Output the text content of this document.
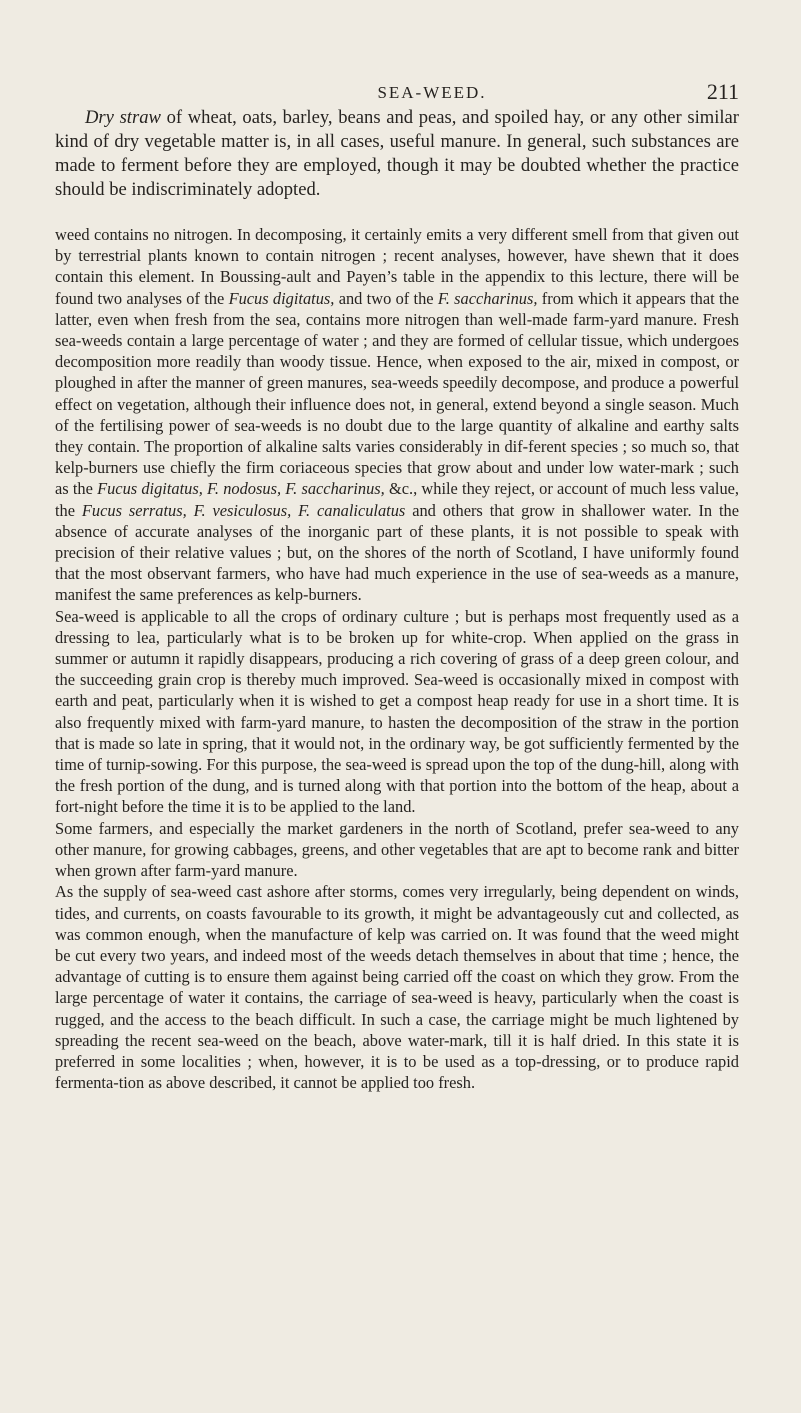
SEA-WEED.	211

Dry straw of wheat, oats, barley, beans and peas, and spoiled hay, or any other similar kind of dry vegetable matter is, in all cases, useful manure. In general, such substances are made to ferment before they are employed, though it may be doubted whether the practice should be indiscriminately adopted.

weed contains no nitrogen. In decomposing, it certainly emits a very different smell from that given out by terrestrial plants known to contain nitrogen ; recent analyses, however, have shewn that it does contain this element. In Boussing-ault and Payen’s table in the appendix to this lecture, there will be found two analyses of the Fucus digitatus, and two of the F. saccharinus, from which it appears that the latter, even when fresh from the sea, contains more nitrogen than well-made farm-yard manure. Fresh sea-weeds contain a large percentage of water ; and they are formed of cellular tissue, which undergoes decomposition more readily than woody tissue. Hence, when exposed to the air, mixed in compost, or ploughed in after the manner of green manures, sea-weeds speedily decompose, and produce a powerful effect on vegetation, although their influence does not, in general, extend beyond a single season. Much of the fertilising power of sea-weeds is no doubt due to the large quantity of alkaline and earthy salts they contain. The proportion of alkaline salts varies considerably in dif-ferent species ; so much so, that kelp-burners use chiefly the firm coriaceous species that grow about and under low water-mark ; such as the Fucus digitatus, F. nodosus, F. saccharinus, &c., while they reject, or account of much less value, the Fucus serratus, F. vesiculosus, F. canaliculatus and others that grow in shallower water. In the absence of accurate analyses of the inorganic part of these plants, it is not possible to speak with precision of their relative values ; but, on the shores of the north of Scotland, I have uniformly found that the most observant farmers, who have had much experience in the use of sea-weeds as a manure, manifest the same preferences as kelp-burners.

Sea-weed is applicable to all the crops of ordinary culture ; but is perhaps most frequently used as a dressing to lea, particularly what is to be broken up for white-crop. When applied on the grass in summer or autumn it rapidly disappears, producing a rich covering of grass of a deep green colour, and the succeeding grain crop is thereby much improved. Sea-weed is occasionally mixed in compost with earth and peat, particularly when it is wished to get a compost heap ready for use in a short time. It is also frequently mixed with farm-yard manure, to hasten the decomposition of the straw in the portion that is made so late in spring, that it would not, in the ordinary way, be got sufficiently fermented by the time of turnip-sowing. For this purpose, the sea-weed is spread upon the top of the dung-hill, along with the fresh portion of the dung, and is turned along with that portion into the bottom of the heap, about a fort-night before the time it is to be applied to the land.

Some farmers, and especially the market gardeners in the north of Scotland, prefer sea-weed to any other manure, for growing cabbages, greens, and other vegetables that are apt to become rank and bitter when grown after farm-yard manure.

As the supply of sea-weed cast ashore after storms, comes very irregularly, being dependent on winds, tides, and currents, on coasts favourable to its growth, it might be advantageously cut and collected, as was common enough, when the manufacture of kelp was carried on. It was found that the weed might be cut every two years, and indeed most of the weeds detach themselves in about that time ; hence, the advantage of cutting is to ensure them against being carried off the coast on which they grow. From the large percentage of water it contains, the carriage of sea-weed is heavy, particularly when the coast is rugged, and the access to the beach difficult. In such a case, the carriage might be much lightened by spreading the recent sea-weed on the beach, above water-mark, till it is half dried. In this state it is preferred in some localities ; when, however, it is to be used as a top-dressing, or to produce rapid fermenta-tion as above described, it cannot be applied too fresh.
